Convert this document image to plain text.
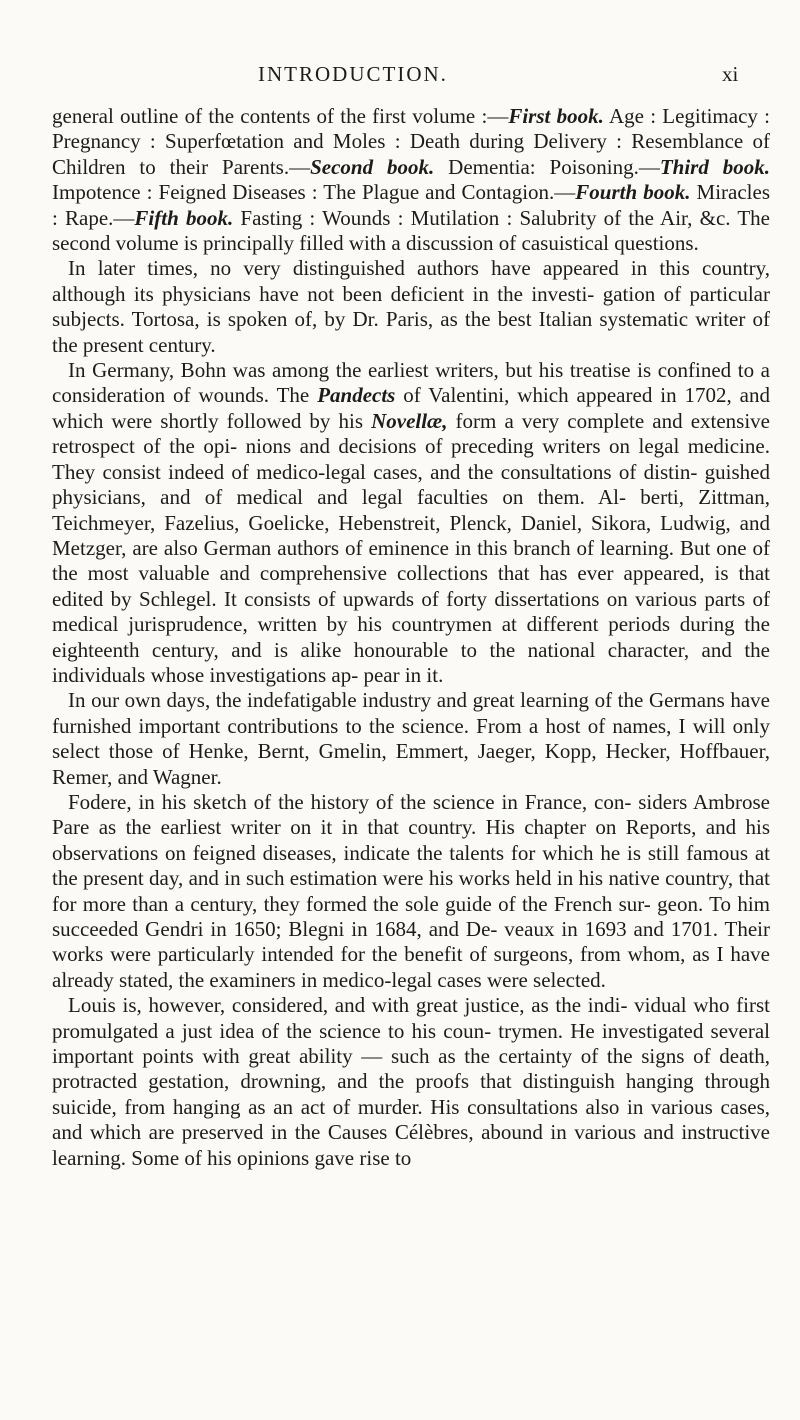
INTRODUCTION.	xi

general outline of the contents of the first volume :—First book. Age : Legitimacy : Pregnancy : Superfœtation and Moles : Death during Delivery : Resemblance of Children to their Parents.—Second book. Dementia: Poisoning.—Third book. Impotence : Feigned Diseases : The Plague and Contagion.—Fourth book. Miracles : Rape.—Fifth book. Fasting : Wounds : Mutilation : Salubrity of the Air, &c. The second volume is principally filled with a discussion of casuistical questions.

In later times, no very distinguished authors have appeared in this country, although its physicians have not been deficient in the investi- gation of particular subjects. Tortosa, is spoken of, by Dr. Paris, as the best Italian systematic writer of the present century.

In Germany, Bohn was among the earliest writers, but his treatise is confined to a consideration of wounds. The Pandects of Valentini, which appeared in 1702, and which were shortly followed by his Novellæ, form a very complete and extensive retrospect of the opi- nions and decisions of preceding writers on legal medicine. They consist indeed of medico-legal cases, and the consultations of distin- guished physicians, and of medical and legal faculties on them. Al- berti, Zittman, Teichmeyer, Fazelius, Goelicke, Hebenstreit, Plenck, Daniel, Sikora, Ludwig, and Metzger, are also German authors of eminence in this branch of learning. But one of the most valuable and comprehensive collections that has ever appeared, is that edited by Schlegel. It consists of upwards of forty dissertations on various parts of medical jurisprudence, written by his countrymen at different periods during the eighteenth century, and is alike honourable to the national character, and the individuals whose investigations ap- pear in it.

In our own days, the indefatigable industry and great learning of the Germans have furnished important contributions to the science. From a host of names, I will only select those of Henke, Bernt, Gmelin, Emmert, Jaeger, Kopp, Hecker, Hoffbauer, Remer, and Wagner.

Fodere, in his sketch of the history of the science in France, con- siders Ambrose Pare as the earliest writer on it in that country. His chapter on Reports, and his observations on feigned diseases, indicate the talents for which he is still famous at the present day, and in such estimation were his works held in his native country, that for more than a century, they formed the sole guide of the French sur- geon. To him succeeded Gendri in 1650; Blegni in 1684, and De- veaux in 1693 and 1701. Their works were particularly intended for the benefit of surgeons, from whom, as I have already stated, the examiners in medico-legal cases were selected.

Louis is, however, considered, and with great justice, as the indi- vidual who first promulgated a just idea of the science to his coun- trymen. He investigated several important points with great ability — such as the certainty of the signs of death, protracted gestation, drowning, and the proofs that distinguish hanging through suicide, from hanging as an act of murder. His consultations also in various cases, and which are preserved in the Causes Célèbres, abound in various and instructive learning. Some of his opinions gave rise to
